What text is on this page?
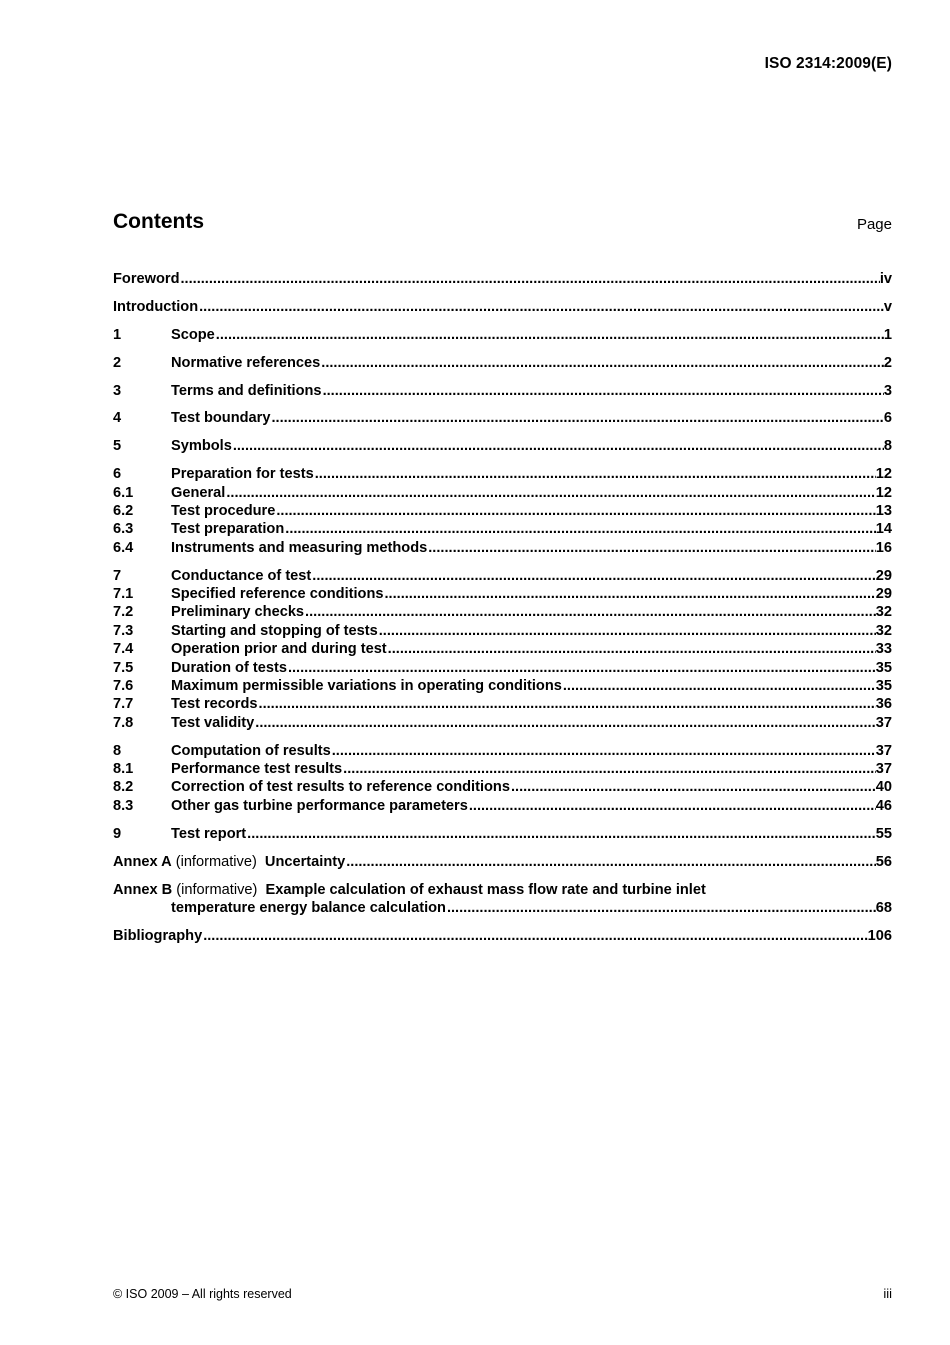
ISO 2314:2009(E)
Contents	Page
Foreword .....	iv
Introduction .....	v
1	Scope .....	1
2	Normative references .....	2
3	Terms and definitions .....	3
4	Test boundary .....	6
5	Symbols .....	8
6	Preparation for tests .....	12
6.1	General .....	12
6.2	Test procedure .....	13
6.3	Test preparation .....	14
6.4	Instruments and measuring methods .....	16
7	Conductance of test .....	29
7.1	Specified reference conditions .....	29
7.2	Preliminary checks .....	32
7.3	Starting and stopping of tests .....	32
7.4	Operation prior and during test .....	33
7.5	Duration of tests .....	35
7.6	Maximum permissible variations in operating conditions .....	35
7.7	Test records .....	36
7.8	Test validity .....	37
8	Computation of results .....	37
8.1	Performance test results .....	37
8.2	Correction of test results to reference conditions .....	40
8.3	Other gas turbine performance parameters .....	46
9	Test report .....	55
Annex A (informative) Uncertainty .....	56
Annex B (informative) Example calculation of exhaust mass flow rate and turbine inlet
temperature energy balance calculation .....	68
Bibliography .....	106
© ISO 2009 – All rights reserved	iii
